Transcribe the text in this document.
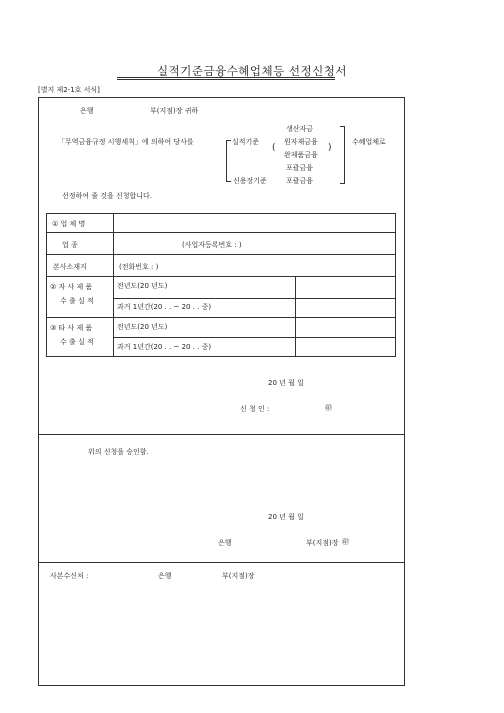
실적기준금융수혜업체등 선정신청서
[별지 제2-1호 서식]
은행	부(지점)장 귀하
「무역금융규정 시행세칙」에 의하여 당사를	실적기준
신용장기준
(	)
생산자금
원자재금융
완제품금융
포괄금융
포괄금융
수혜업체로
선정하여 줄 것을 신청합니다.
① 업 체 명
업 종	(사업자등록번호 : )
본사소재지	(전화번호 : )
② 자 사 제 품
수 출 실 적
전년도(20 년도)
과거 1년간(20 . . ~ 20 . . 중)
③ 타 사 제 품
수 출 실 적
전년도(20 년도)
과거 1년간(20 . . ~ 20 . . 중)
20 년 월 일
신 청 인 :	㊞
위의 신청을 승인함.
20 년 월 일
은행	부(지점)장 ㊞
사본수신처 :	은행	부(지점)장
